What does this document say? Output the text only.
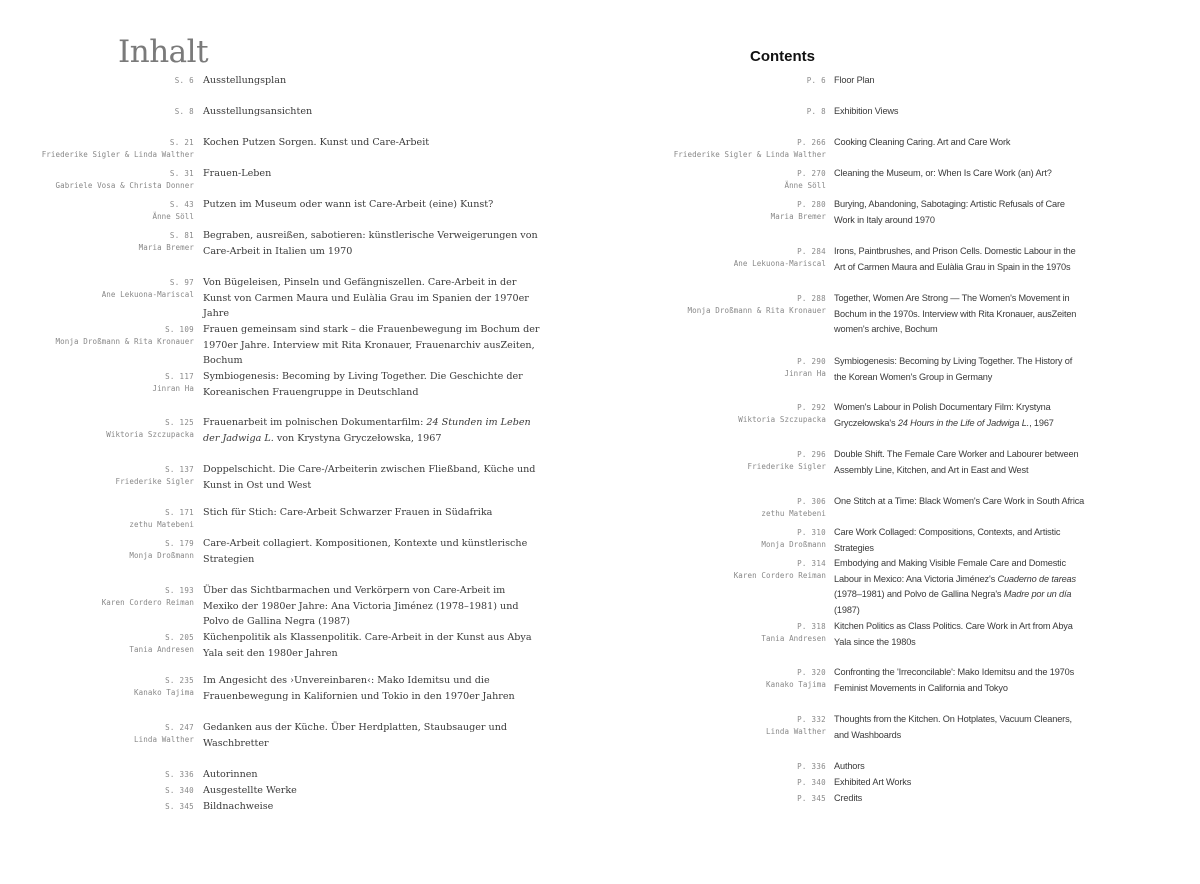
Inhalt
S. 6 Ausstellungsplan
S. 8 Ausstellungsansichten
S. 21
Friederike Sigler & Linda Walther
Kochen Putzen Sorgen. Kunst und Care-Arbeit
S. 31
Gabriele Vosa & Christa Donner
Frauen-Leben
S. 43
Änne Söll
Putzen im Museum oder wann ist Care-Arbeit (eine) Kunst?
S. 81
Maria Bremer
Begraben, ausreißen, sabotieren: künstlerische Verweigerungen von Care-Arbeit in Italien um 1970
S. 97
Ane Lekuona-Mariscal
Von Bügeleisen, Pinseln und Gefängniszellen. Care-Arbeit in der Kunst von Carmen Maura und Eulàlia Grau im Spanien der 1970er Jahre
S. 109
Monja Droßmann & Rita Kronauer
Frauen gemeinsam sind stark – die Frauenbewegung im Bochum der 1970er Jahre. Interview mit Rita Kronauer, Frauenarchiv ausZeiten, Bochum
S. 117
Jinran Ha
Symbiogenesis: Becoming by Living Together. Die Geschichte der Koreanischen Frauengruppe in Deutschland
S. 125
Wiktoria Szczupacka
Frauenarbeit im polnischen Dokumentarfilm: 24 Stunden im Leben der Jadwiga L. von Krystyna Gryczełowska, 1967
S. 137
Friederike Sigler
Doppelschicht. Die Care-/Arbeiterin zwischen Fließband, Küche und Kunst in Ost und West
S. 171
zethu Matebeni
Stich für Stich: Care-Arbeit Schwarzer Frauen in Südafrika
S. 179
Monja Droßmann
Care-Arbeit collagiert. Kompositionen, Kontexte und künstlerische Strategien
S. 193
Karen Cordero Reiman
Über das Sichtbarmachen und Verkörpern von Care-Arbeit im Mexiko der 1980er Jahre: Ana Victoria Jiménez (1978–1981) und Polvo de Gallina Negra (1987)
S. 205
Tania Andresen
Küchenpolitik als Klassenpolitik. Care-Arbeit in der Kunst aus Abya Yala seit den 1980er Jahren
S. 235
Kanako Tajima
Im Angesicht des ›Unvereinbaren‹: Mako Idemitsu und die Frauenbewegung in Kalifornien und Tokio in den 1970er Jahren
S. 247
Linda Walther
Gedanken aus der Küche. Über Herdplatten, Staubsauger und Waschbretter
S. 336 Autorinnen
S. 340 Ausgestellte Werke
S. 345 Bildnachweise
Contents
P. 6 Floor Plan
P. 8 Exhibition Views
P. 266
Friederike Sigler & Linda Walther
Cooking Cleaning Caring. Art and Care Work
P. 270
Änne Söll
Cleaning the Museum, or: When Is Care Work (an) Art?
P. 280
Maria Bremer
Burying, Abandoning, Sabotaging: Artistic Refusals of Care Work in Italy around 1970
P. 284
Ane Lekuona-Mariscal
Irons, Paintbrushes, and Prison Cells. Domestic Labour in the Art of Carmen Maura and Eulàlia Grau in Spain in the 1970s
P. 288
Monja Droßmann & Rita Kronauer
Together, Women Are Strong — The Women's Movement in Bochum in the 1970s. Interview with Rita Kronauer, ausZeiten women's archive, Bochum
P. 290
Jinran Ha
Symbiogenesis: Becoming by Living Together. The History of the Korean Women's Group in Germany
P. 292
Wiktoria Szczupacka
Women's Labour in Polish Documentary Film: Krystyna Gryczełowska's 24 Hours in the Life of Jadwiga L., 1967
P. 296
Friederike Sigler
Double Shift. The Female Care Worker and Labourer between Assembly Line, Kitchen, and Art in East and West
P. 306
zethu Matebeni
One Stitch at a Time: Black Women's Care Work in South Africa
P. 310
Monja Droßmann
Care Work Collaged: Compositions, Contexts, and Artistic Strategies
P. 314
Karen Cordero Reiman
Embodying and Making Visible Female Care and Domestic Labour in Mexico: Ana Victoria Jiménez's Cuaderno de tareas (1978–1981) and Polvo de Gallina Negra's Madre por un día (1987)
P. 318
Tania Andresen
Kitchen Politics as Class Politics. Care Work in Art from Abya Yala since the 1980s
P. 320
Kanako Tajima
Confronting the 'Irreconcilable': Mako Idemitsu and the 1970s Feminist Movements in California and Tokyo
P. 332
Linda Walther
Thoughts from the Kitchen. On Hotplates, Vacuum Cleaners, and Washboards
P. 336 Authors
P. 340 Exhibited Art Works
P. 345 Credits
